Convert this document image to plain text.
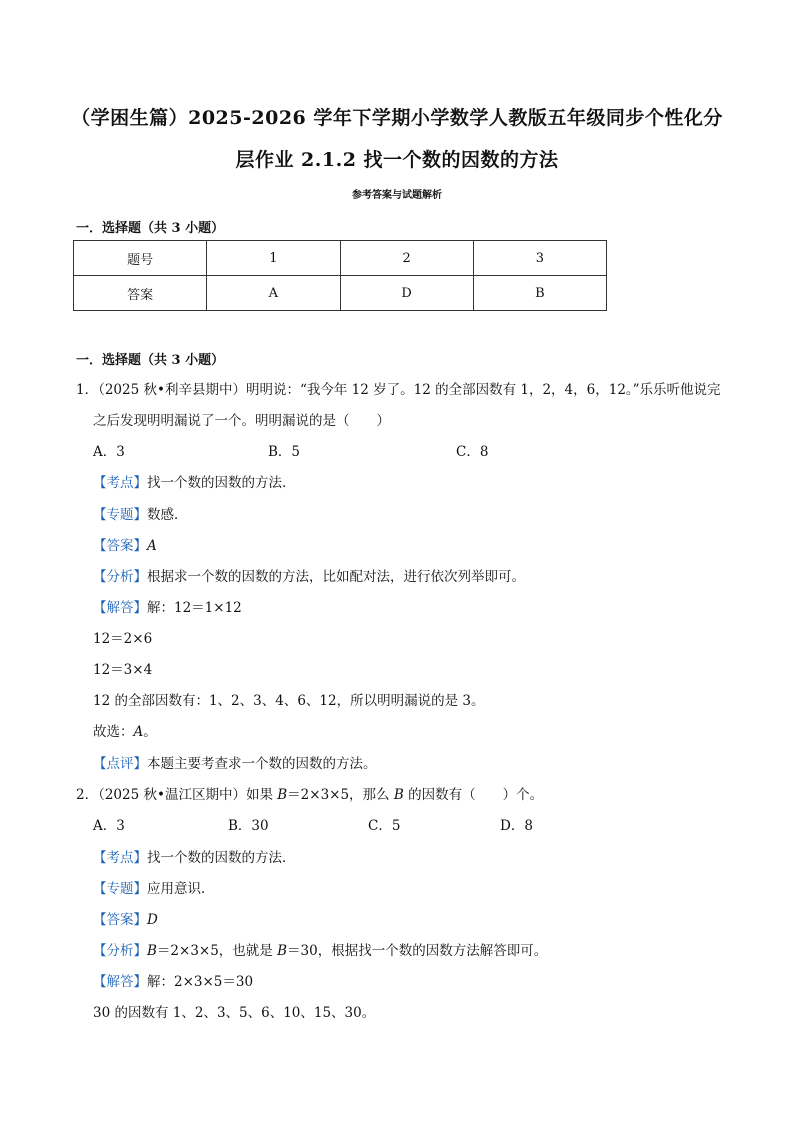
（学困生篇）2025-2026 学年下学期小学数学人教版五年级同步个性化分
层作业 2.1.2 找一个数的因数的方法
参考答案与试题解析
一．选择题（共 3 小题）
题号	1	2	3
答案	A	D	B
一．选择题（共 3 小题）
1．（2025 秋•利辛县期中）明明说：“我今年 12 岁了。12 的全部因数有 1，2，4，6，12。”乐乐听他说完
之后发现明明漏说了一个。明明漏说的是（　　）
A．3	B．5	C．8
【考点】找一个数的因数的方法．
【专题】数感．
【答案】A
【分析】根据求一个数的因数的方法，比如配对法，进行依次列举即可。
【解答】解：12＝1×12
12＝2×6
12＝3×4
12 的全部因数有：1、2、3、4、6、12，所以明明漏说的是 3。
故选：A。
【点评】本题主要考查求一个数的因数的方法。
2．（2025 秋•温江区期中）如果 B＝2×3×5，那么 B 的因数有（　　）个。
A．3	B．30	C．5	D．8
【考点】找一个数的因数的方法．
【专题】应用意识．
【答案】D
【分析】B＝2×3×5，也就是 B＝30，根据找一个数的因数方法解答即可。
【解答】解：2×3×5＝30
30 的因数有 1、2、3、5、6、10、15、30。
